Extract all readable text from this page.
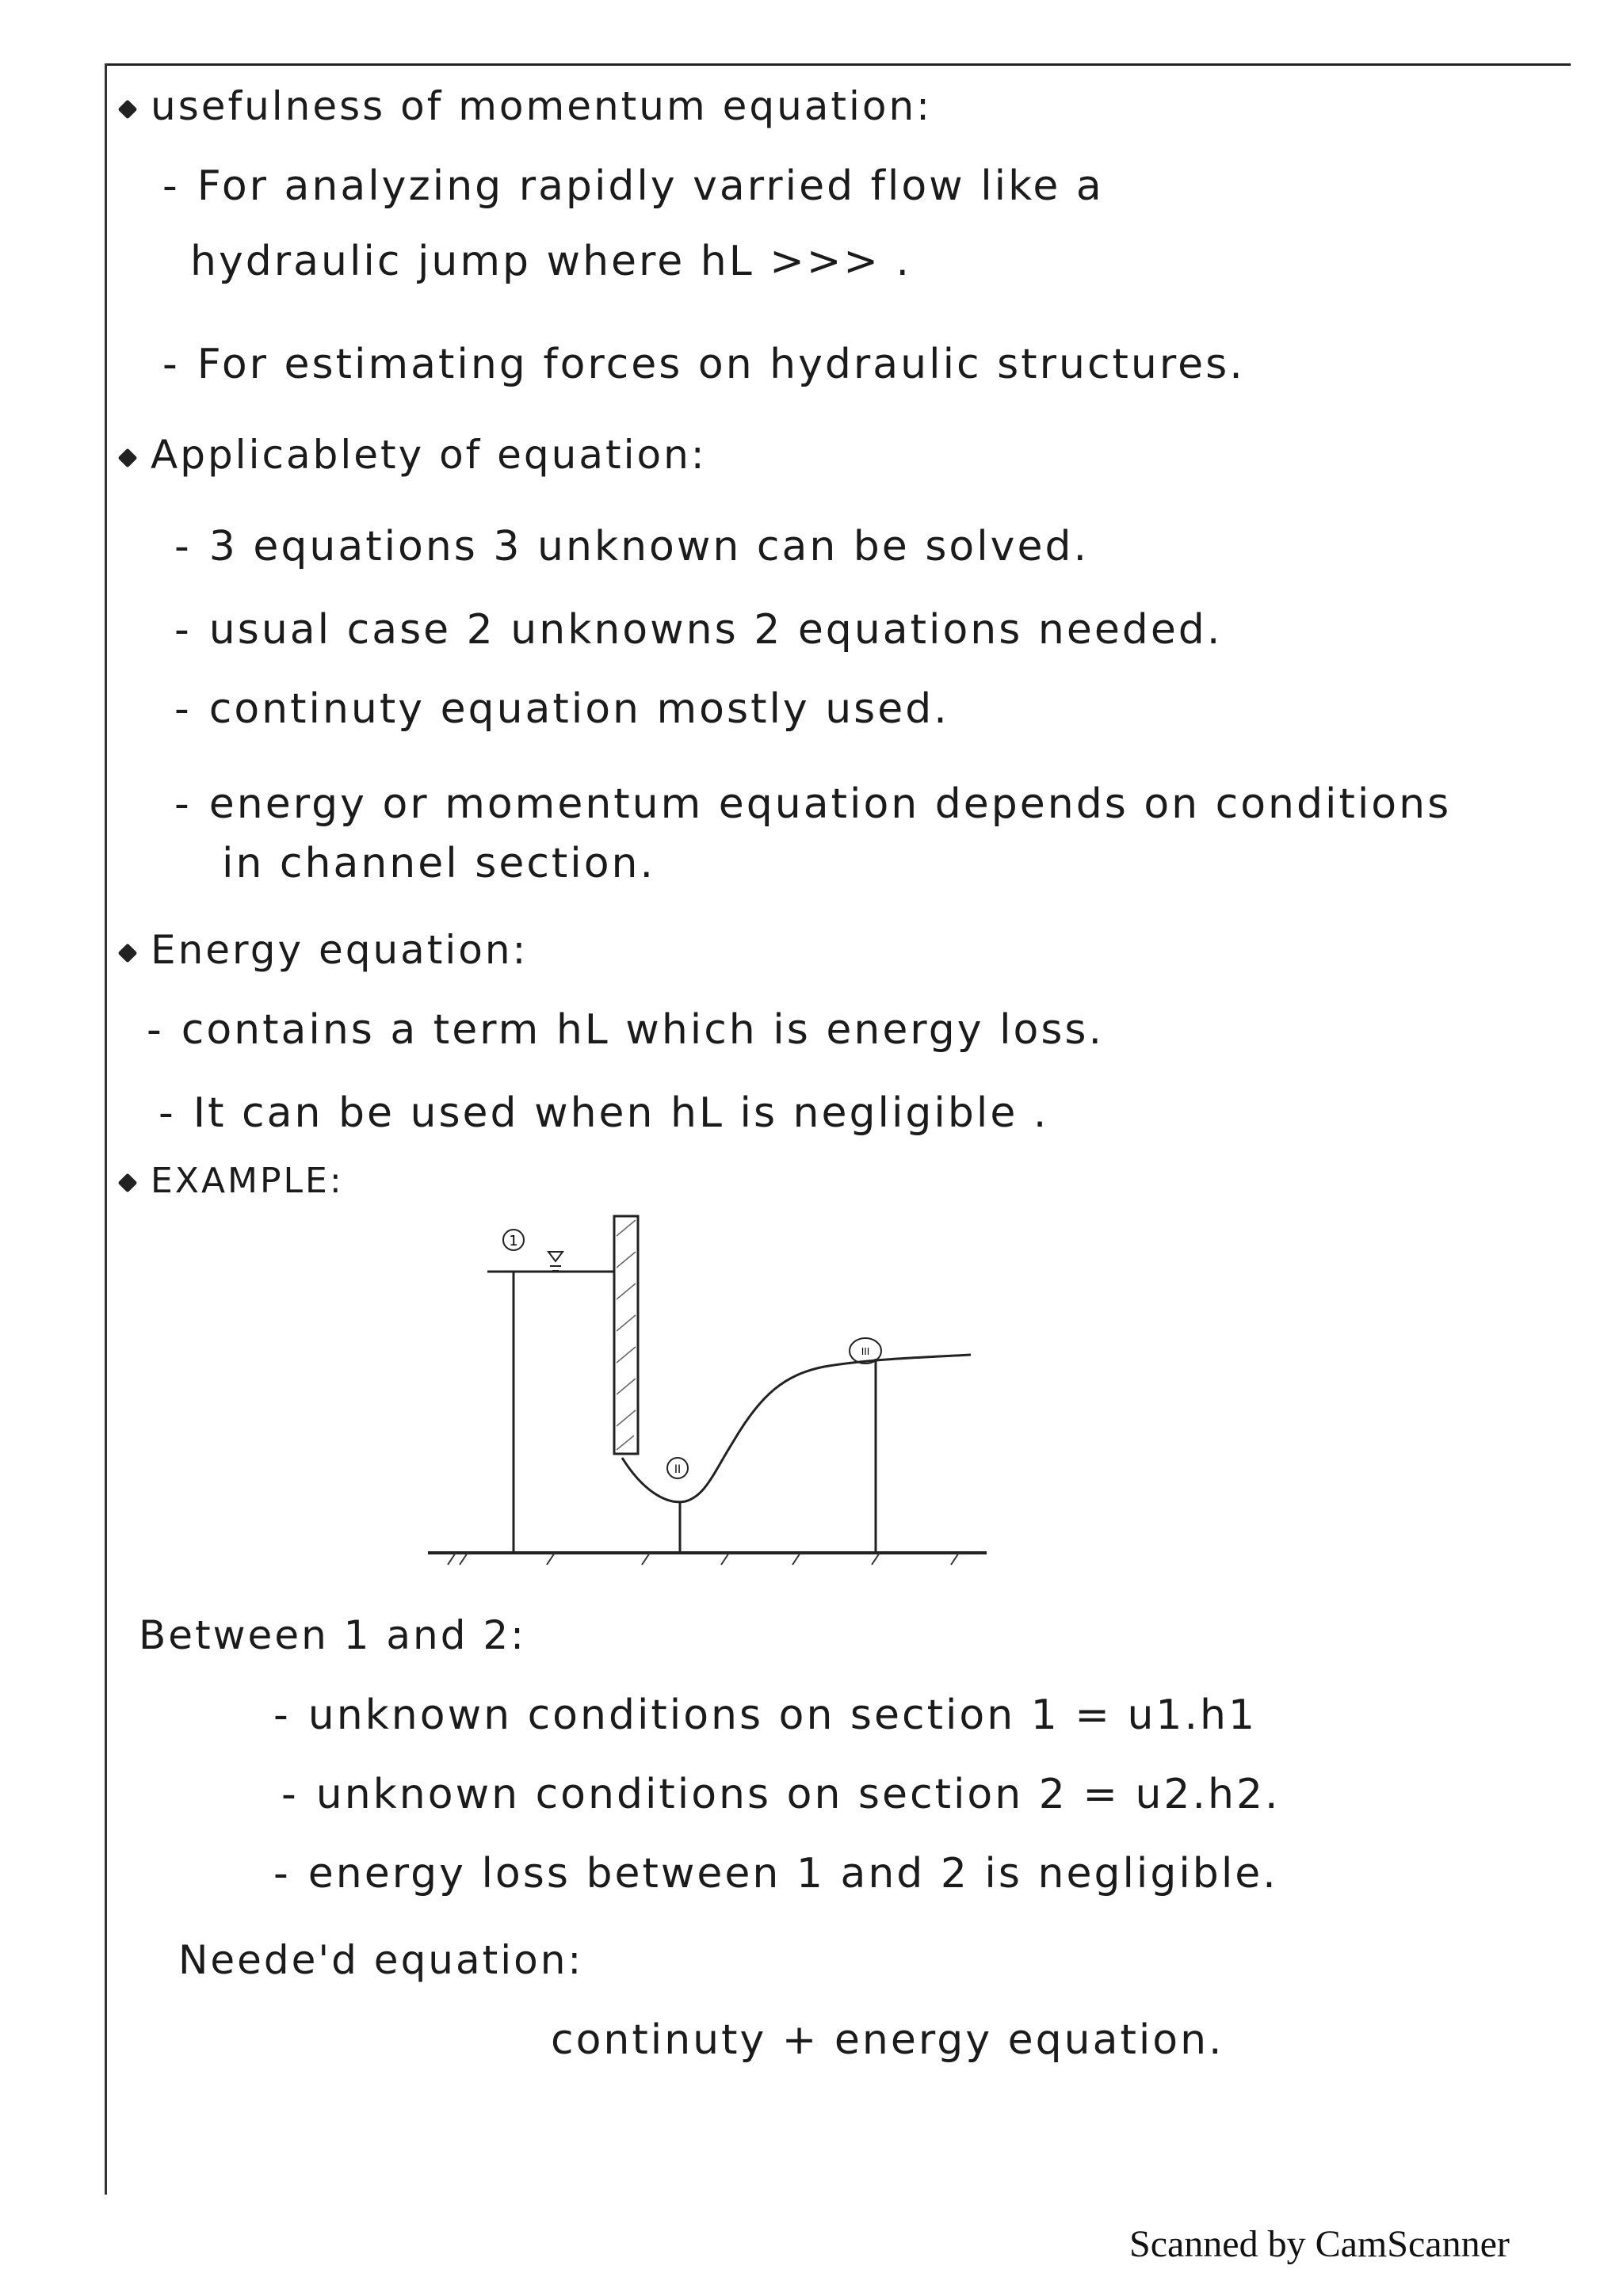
usefulness of momentum equation:
- For analyzing rapidly varried flow like a
hydraulic jump where hL >>> .
- For estimating forces on hydraulic structures.
Applicablety of equation:
- 3 equations 3 unknown can be solved.
- usual case 2 unknowns 2 equations needed.
- continuty equation mostly used.
- energy or momentum equation depends on conditions
in channel section.
Energy equation:
- contains a term hL which is energy loss.
- It can be used when hL is negligible .
EXAMPLE:
1
II
III
Between 1 and 2:
- unknown conditions on section 1 = u1.h1
- unknown conditions on section 2 = u2.h2.
- energy loss between 1 and 2 is negligible.
Neede'd equation:
continuty + energy equation.
Scanned by CamScanner
